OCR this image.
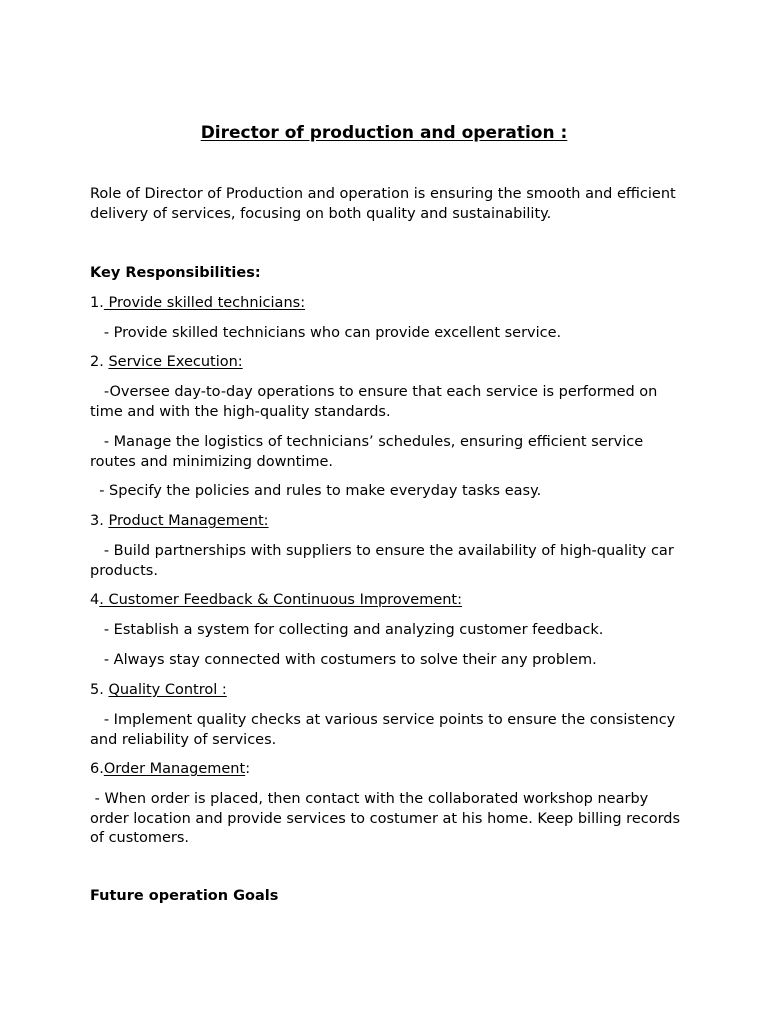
Director of production and operation :
Role of Director of Production and operation is ensuring the smooth and efficient delivery of services, focusing on both quality and sustainability.
Key Responsibilities:
1. Provide skilled technicians:
- Provide skilled technicians who can provide excellent service.
2. Service Execution:
-Oversee day-to-day operations to ensure that each service is performed on time and with the high-quality standards.
- Manage the logistics of technicians’ schedules, ensuring efficient service routes and minimizing downtime.
- Specify the policies and rules to make everyday tasks easy.
3. Product Management:
- Build partnerships with suppliers to ensure the availability of high-quality car products.
4. Customer Feedback & Continuous Improvement:
- Establish a system for collecting and analyzing customer feedback.
- Always stay connected with costumers to solve their any problem.
5. Quality Control :
- Implement quality checks at various service points to ensure the consistency and reliability of services.
6.Order Management:
- When order is placed, then contact with the collaborated workshop nearby order location and provide services to costumer at his home. Keep billing records of customers.
Future operation Goals
